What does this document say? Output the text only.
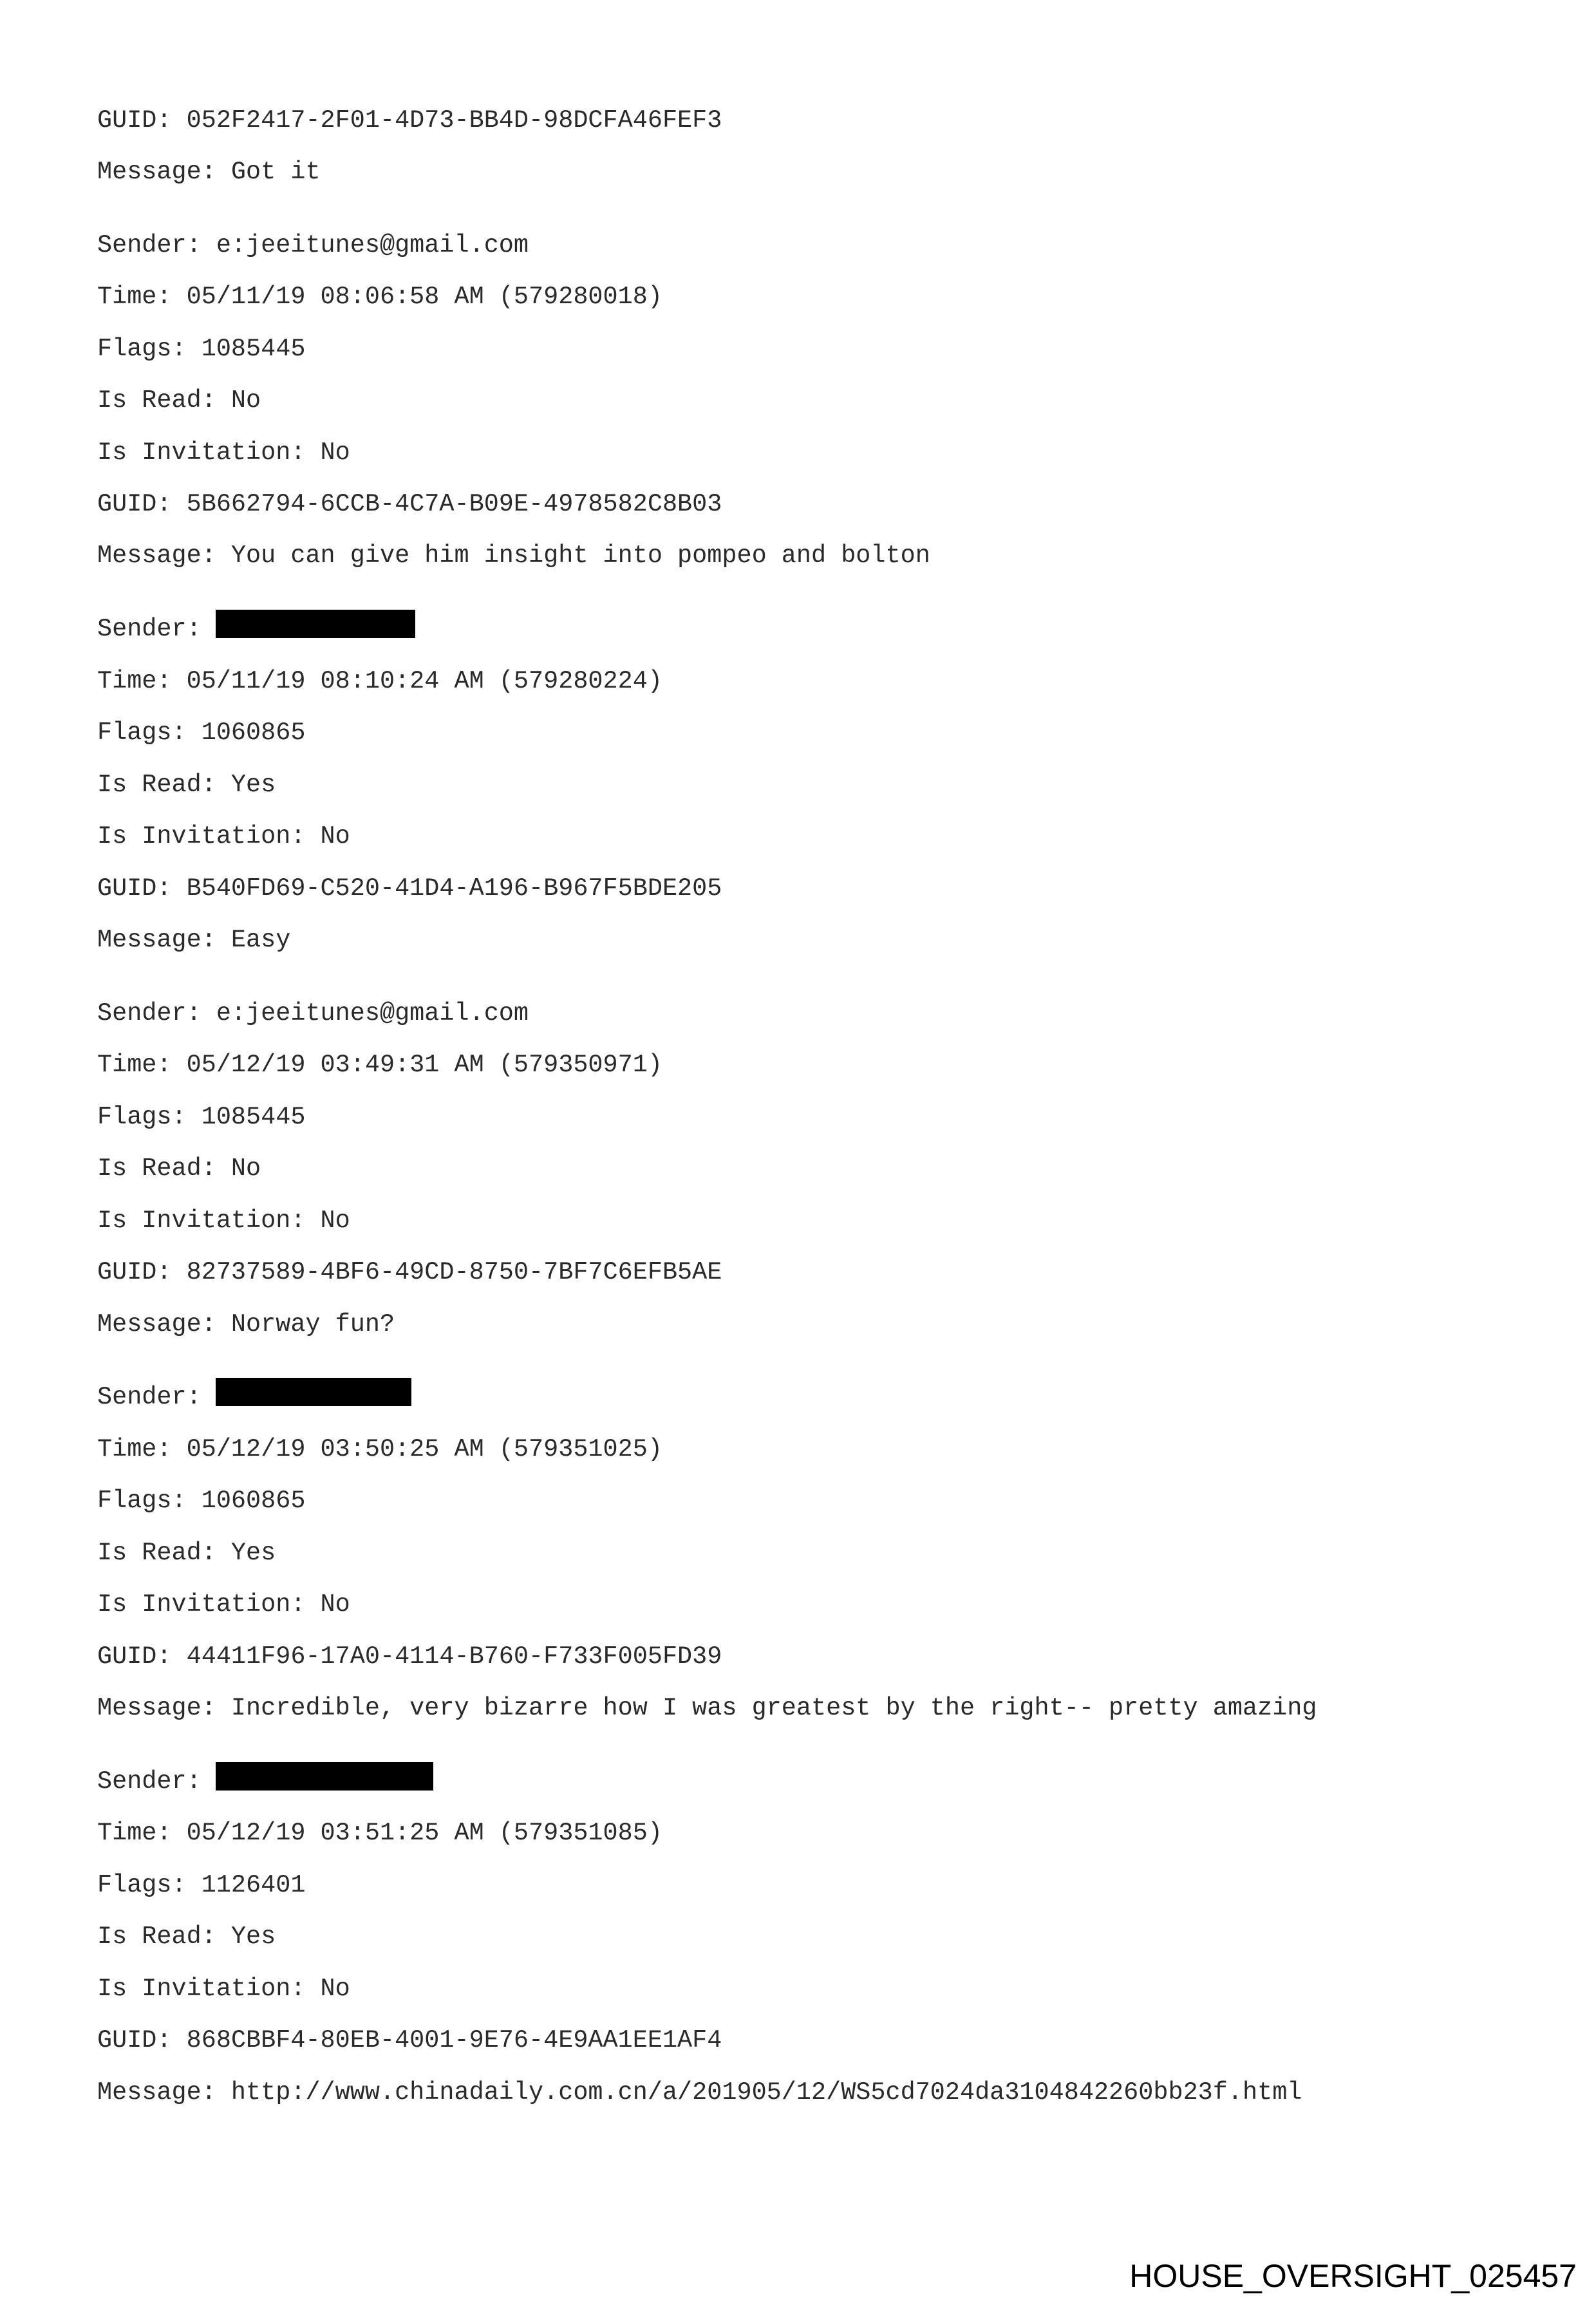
GUID: 052F2417-2F01-4D73-BB4D-98DCFA46FEF3
Message: Got it
Sender: e:jeeitunes@gmail.com
Time: 05/11/19 08:06:58 AM (579280018)
Flags: 1085445
Is Read: No
Is Invitation: No
GUID: 5B662794-6CCB-4C7A-B09E-4978582C8B03
Message: You can give him insight into pompeo and bolton
Sender:
Time: 05/11/19 08:10:24 AM (579280224)
Flags: 1060865
Is Read: Yes
Is Invitation: No
GUID: B540FD69-C520-41D4-A196-B967F5BDE205
Message: Easy
Sender: e:jeeitunes@gmail.com
Time: 05/12/19 03:49:31 AM (579350971)
Flags: 1085445
Is Read: No
Is Invitation: No
GUID: 82737589-4BF6-49CD-8750-7BF7C6EFB5AE
Message: Norway fun?
Sender:
Time: 05/12/19 03:50:25 AM (579351025)
Flags: 1060865
Is Read: Yes
Is Invitation: No
GUID: 44411F96-17A0-4114-B760-F733F005FD39
Message: Incredible, very bizarre how I was greatest by the right-- pretty amazing
Sender:
Time: 05/12/19 03:51:25 AM (579351085)
Flags: 1126401
Is Read: Yes
Is Invitation: No
GUID: 868CBBF4-80EB-4001-9E76-4E9AA1EE1AF4
Message: http://www.chinadaily.com.cn/a/201905/12/WS5cd7024da3104842260bb23f.html
HOUSE_OVERSIGHT_025457
